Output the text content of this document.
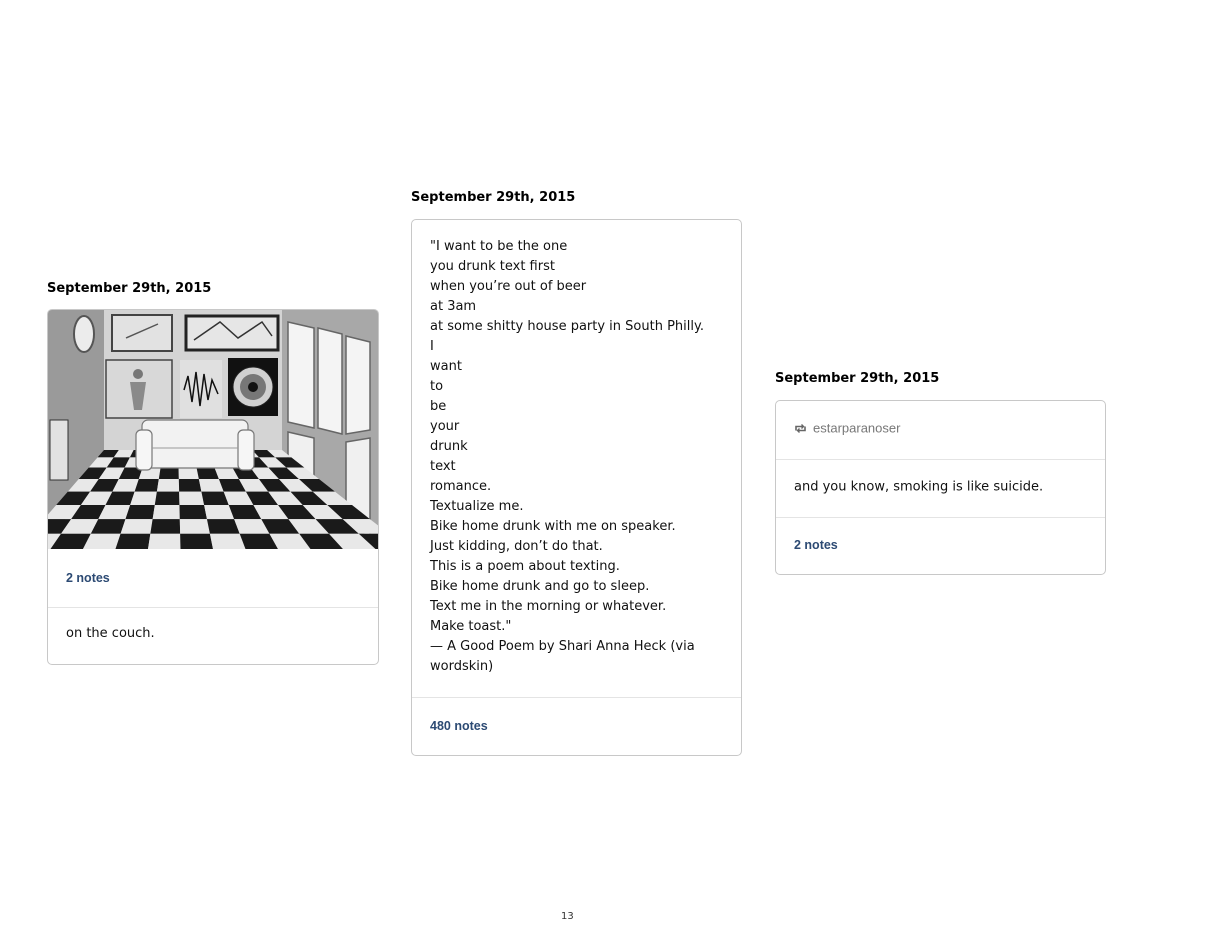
September 29th, 2015
2 notes
on the couch.
September 29th, 2015
"I want to be the one
you drunk text first
when you’re out of beer
at 3am
at some shitty house party in South Philly.
I
want
to
be
your
drunk
text
romance.
Textualize me.
Bike home drunk with me on speaker.
Just kidding, don’t do that.
This is a poem about texting.
Bike home drunk and go to sleep.
Text me in the morning or whatever.
Make toast."
— A Good Poem by Shari Anna Heck (via
wordskin)
480 notes
September 29th, 2015
estarparanoser
and you know, smoking is like suicide.
2 notes
13
